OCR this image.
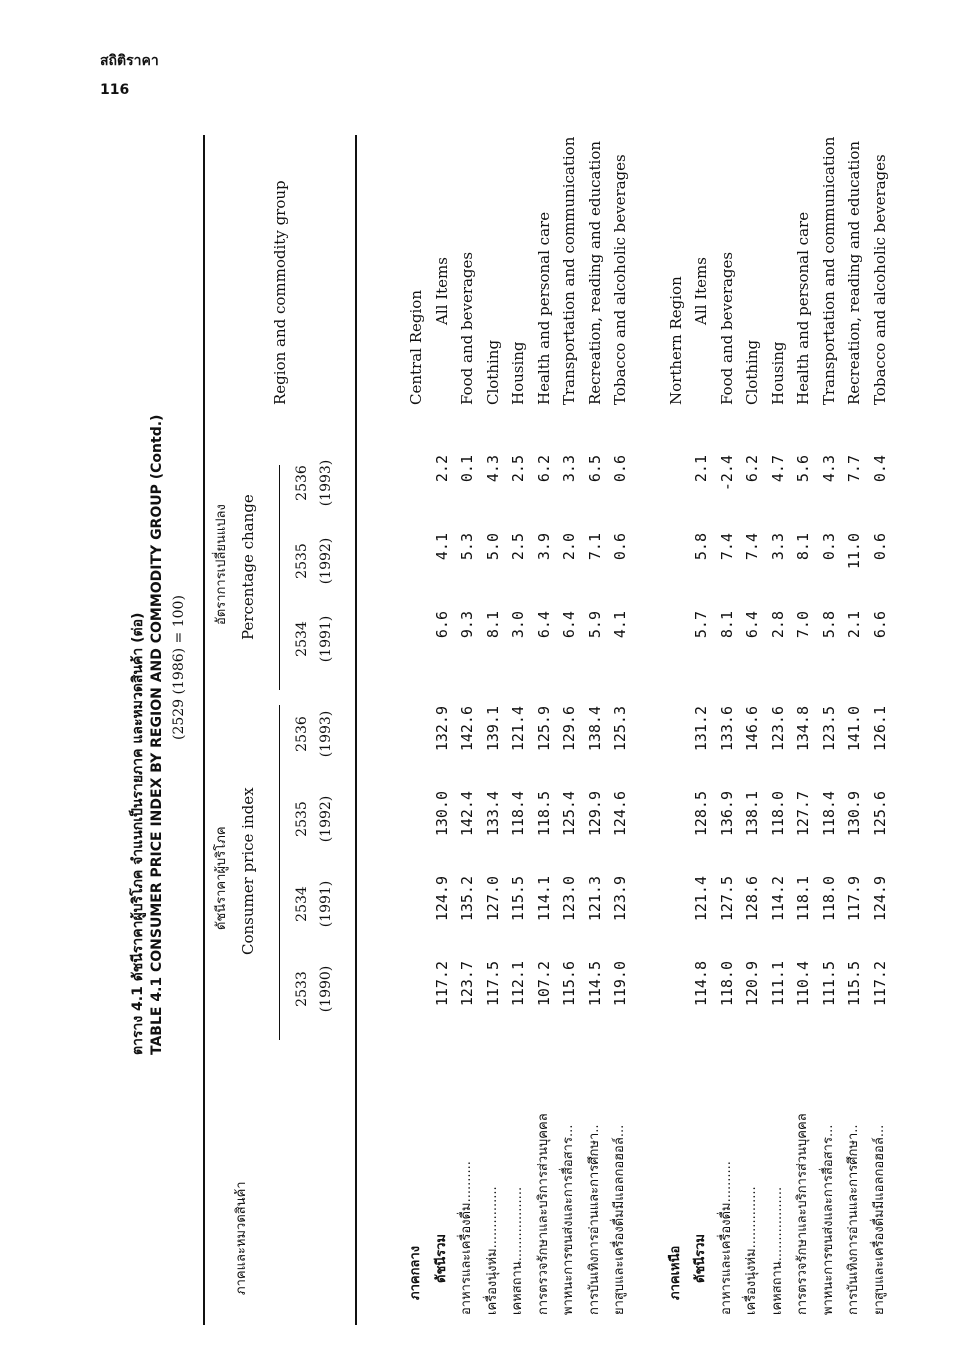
สถิติราคา
116
ตาราง 4.1 ดัชนีราคาผู้บริโภค จำแนกเป็นรายภาค และหมวดสินค้า (ต่อ) TABLE 4.1 CONSUMER PRICE INDEX BY REGION AND COMMODITY GROUP (Contd.) (2529 (1986) = 100)
ภาคและหมวดสินค้า
ดัชนีราคาผู้บริโภค Consumer price index
อัตราการเปลี่ยนแปลง Percentage change
Region and commodity group
2533 (1990)
2534 (1991)
2535 (1992)
2536 (1993)
2534 (1991)
2535 (1992)
2536 (1993)
ภาคกลาง
Central Region
ดัชนีรวม
117.2
124.9
130.0
132.9
6.6
4.1
2.2
All Items
อาหารและเครื่องดื่ม..........
123.7
135.2
142.4
142.6
9.3
5.3
0.1
Food and beverages
เครื่องนุ่งห่ม...............
117.5
127.0
133.4
139.1
8.1
5.0
4.3
Clothing
เคหสถาน..................
112.1
115.5
118.4
121.4
3.0
2.5
2.5
Housing
การตรวจรักษาและบริการส่วนบุคคล
107.2
114.1
118.5
125.9
6.4
3.9
6.2
Health and personal care
พาหนะการขนส่งและการสื่อสาร...
115.6
123.0
125.4
129.6
6.4
2.0
3.3
Transportation and communication
การบันเทิงการอ่านและการศึกษา..
114.5
121.3
129.9
138.4
5.9
7.1
6.5
Recreation, reading and education
ยาสูบและเครื่องดื่มมีแอลกอฮอล์...
119.0
123.9
124.6
125.3
4.1
0.6
0.6
Tobacco and alcoholic beverages
ภาคเหนือ
Northern Region
ดัชนีรวม
114.8
121.4
128.5
131.2
5.7
5.8
2.1
All Items
อาหารและเครื่องดื่ม..........
118.0
127.5
136.9
133.6
8.1
7.4
-2.4
Food and beverages
เครื่องนุ่งห่ม...............
120.9
128.6
138.1
146.6
6.4
7.4
6.2
Clothing
เคหสถาน..................
111.1
114.2
118.0
123.6
2.8
3.3
4.7
Housing
การตรวจรักษาและบริการส่วนบุคคล
110.4
118.1
127.7
134.8
7.0
8.1
5.6
Health and personal care
พาหนะการขนส่งและการสื่อสาร...
111.5
118.0
118.4
123.5
5.8
0.3
4.3
Transportation and communication
การบันเทิงการอ่านและการศึกษา..
115.5
117.9
130.9
141.0
2.1
11.0
7.7
Recreation, reading and education
ยาสูบและเครื่องดื่มมีแอลกอฮอล์...
117.2
124.9
125.6
126.1
6.6
0.6
0.4
Tobacco and alcoholic beverages
